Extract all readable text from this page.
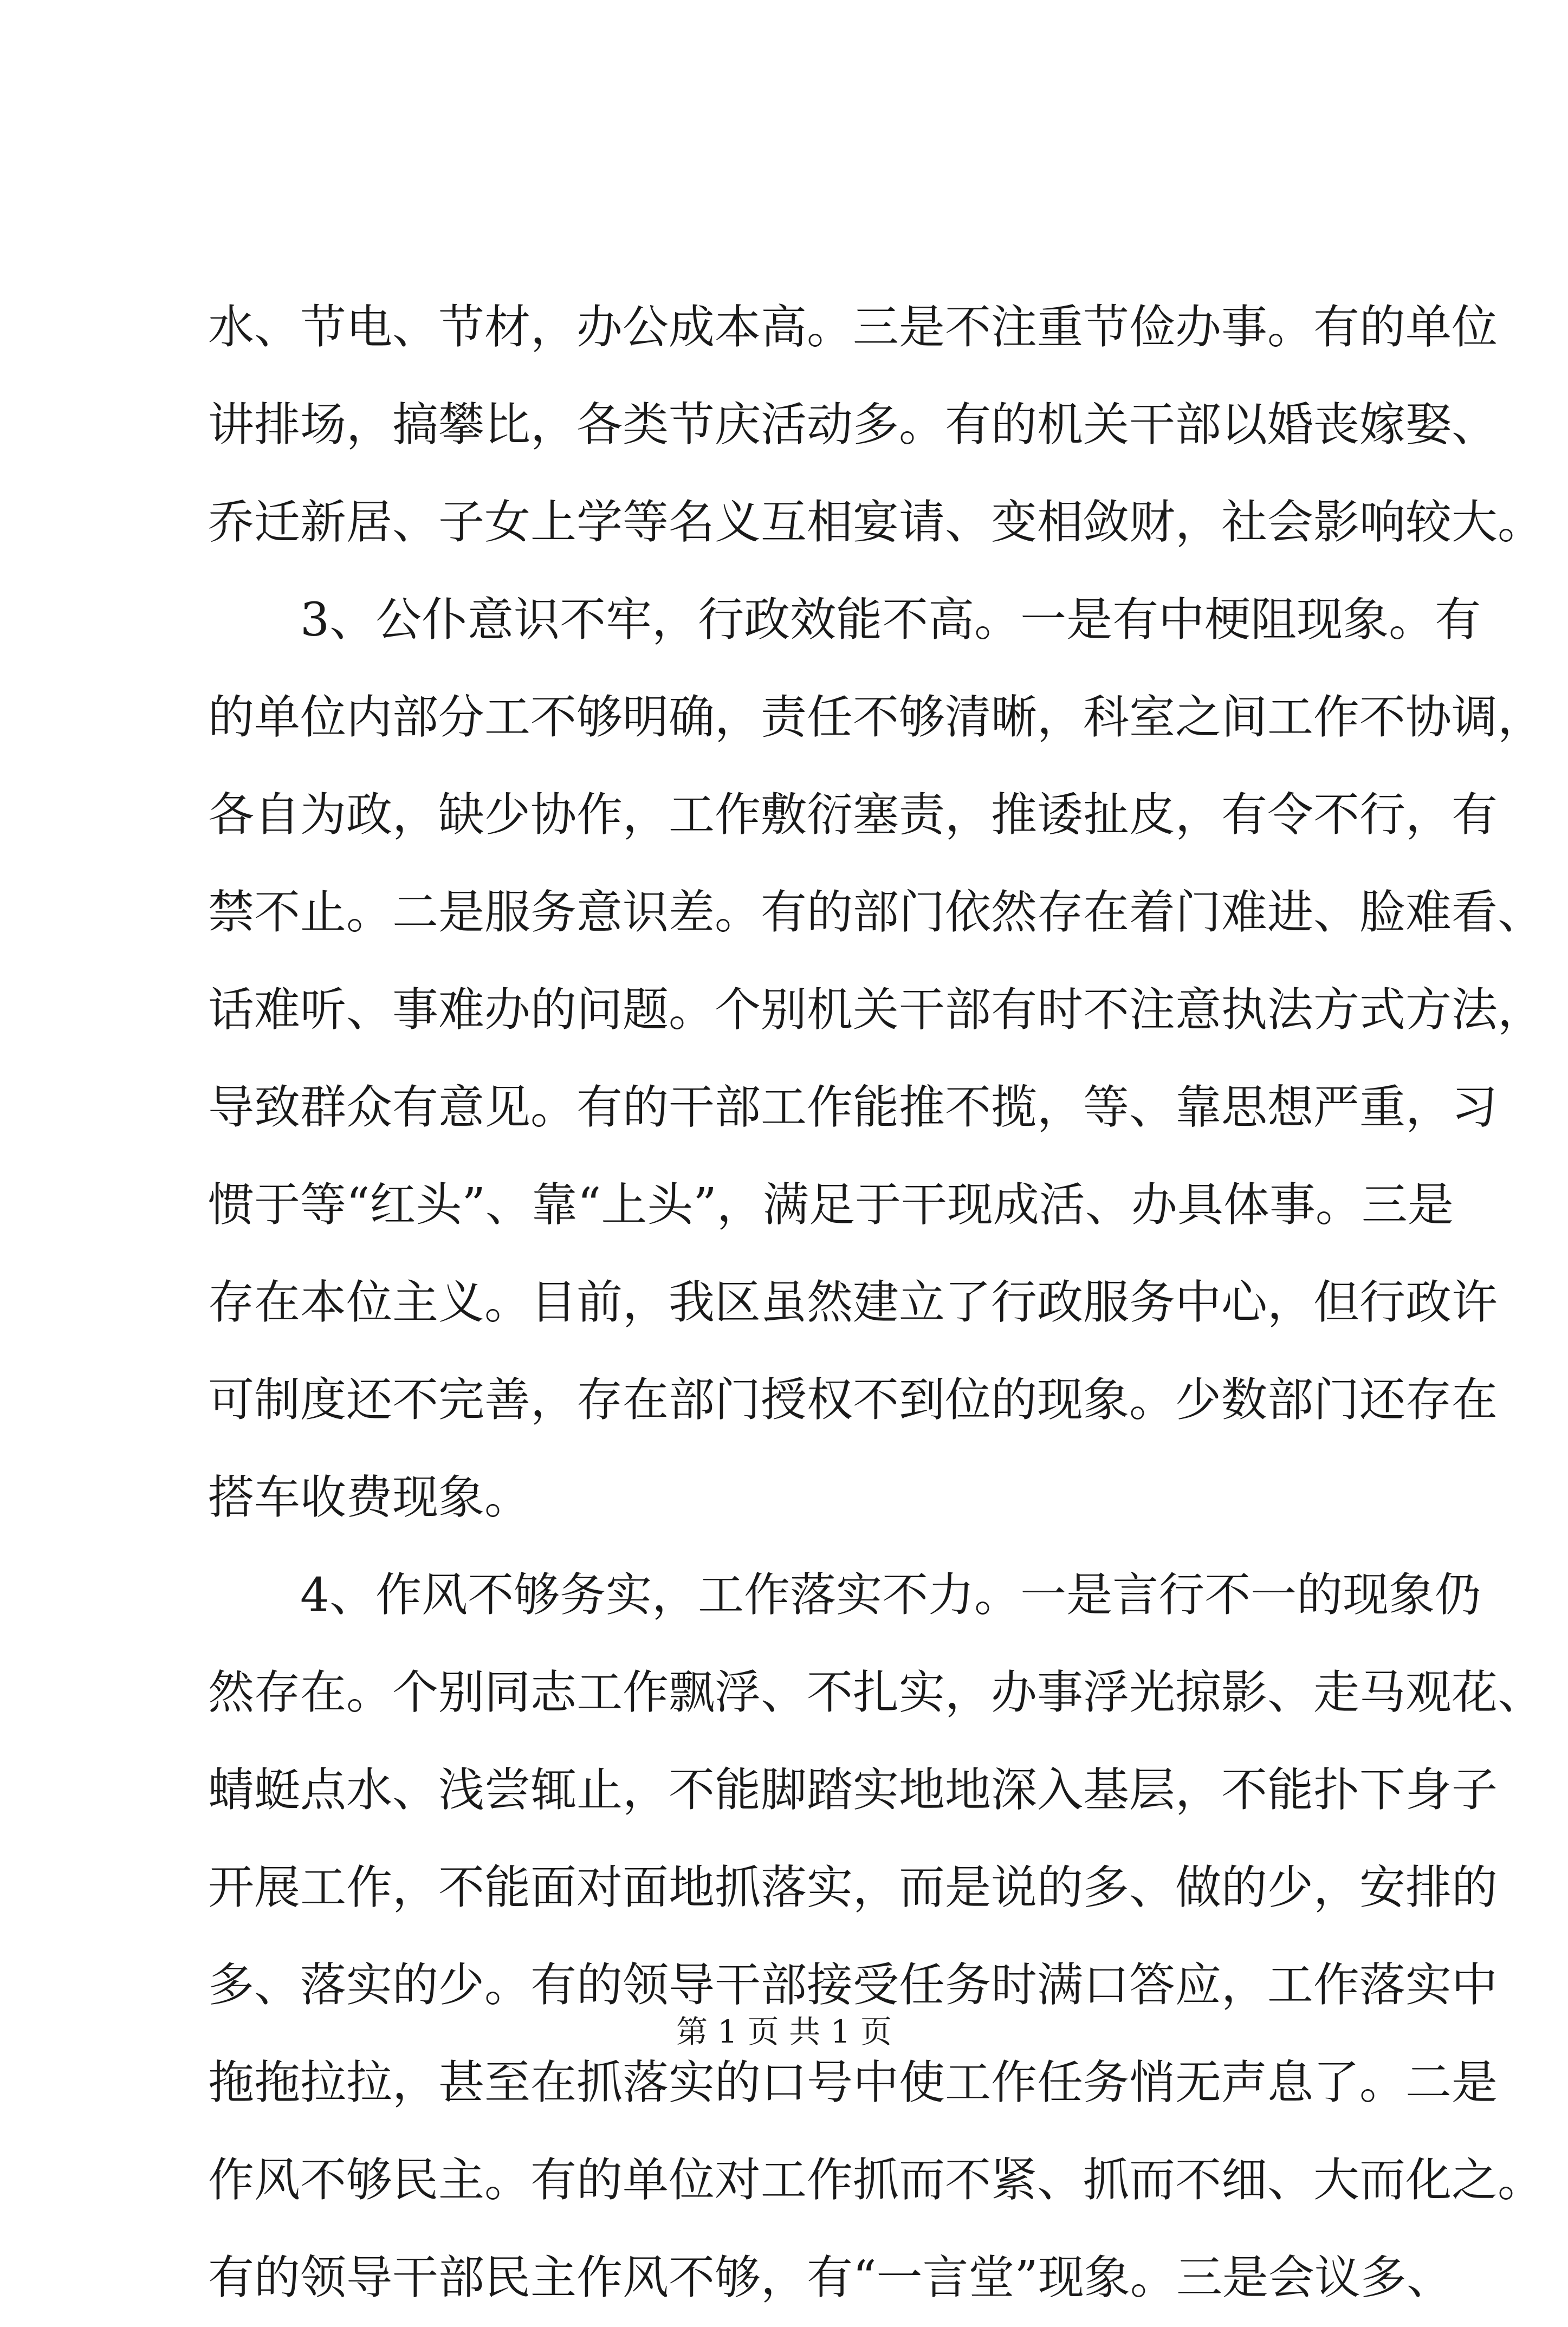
水、节电、节材，办公成本高。三是不注重节俭办事。有的单位
讲排场，搞攀比，各类节庆活动多。有的机关干部以婚丧嫁娶、
乔迁新居、子女上学等名义互相宴请、变相敛财，社会影响较大。
3、公仆意识不牢，行政效能不高。一是有中梗阻现象。有
的单位内部分工不够明确，责任不够清晰，科室之间工作不协调，
各自为政，缺少协作，工作敷衍塞责，推诿扯皮，有令不行，有
禁不止。二是服务意识差。有的部门依然存在着门难进、脸难看、
话难听、事难办的问题。个别机关干部有时不注意执法方式方法，
导致群众有意见。有的干部工作能推不揽，等、靠思想严重，习
惯于等“红头”、靠“上头”，满足于干现成活、办具体事。三是
存在本位主义。目前，我区虽然建立了行政服务中心，但行政许
可制度还不完善，存在部门授权不到位的现象。少数部门还存在
搭车收费现象。
4、作风不够务实，工作落实不力。一是言行不一的现象仍
然存在。个别同志工作飘浮、不扎实，办事浮光掠影、走马观花、
蜻蜓点水、浅尝辄止，不能脚踏实地地深入基层，不能扑下身子
开展工作，不能面对面地抓落实，而是说的多、做的少，安排的
多、落实的少。有的领导干部接受任务时满口答应，工作落实中
拖拖拉拉，甚至在抓落实的口号中使工作任务悄无声息了。二是
作风不够民主。有的单位对工作抓而不紧、抓而不细、大而化之。
有的领导干部民主作风不够，有“一言堂”现象。三是会议多、
第 1 页 共 1 页
